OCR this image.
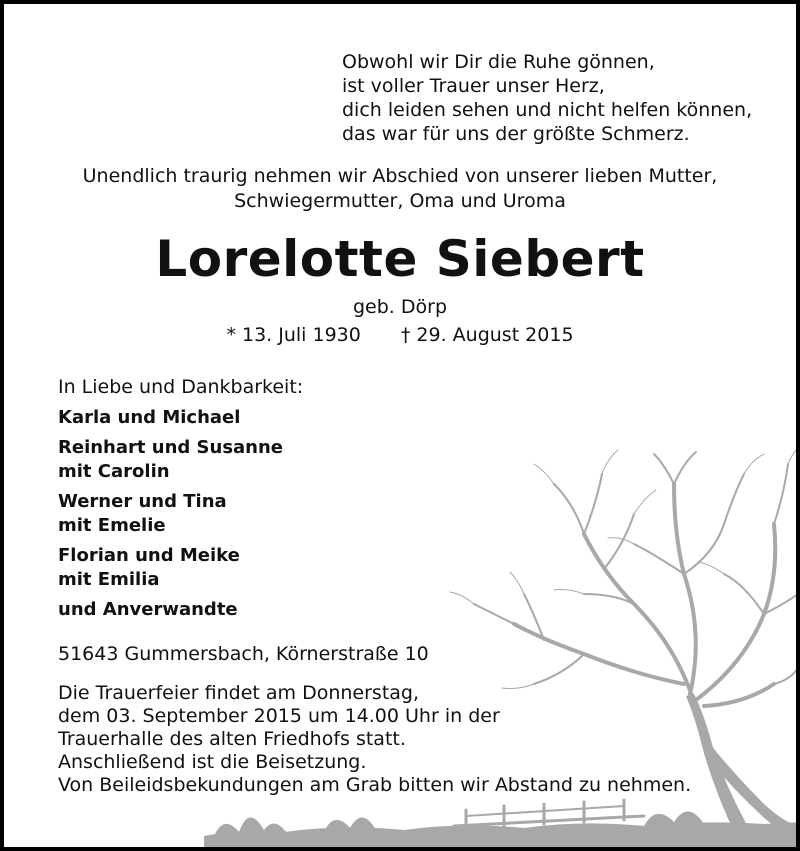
Obwohl wir Dir die Ruhe gönnen,
ist voller Trauer unser Herz,
dich leiden sehen und nicht helfen können,
das war für uns der größte Schmerz.
Unendlich traurig nehmen wir Abschied von unserer lieben Mutter,
Schwiegermutter, Oma und Uroma
Lorelotte Siebert
geb. Dörp
* 13. Juli 1930 † 29. August 2015
In Liebe und Dankbarkeit:
Karla und Michael
Reinhart und Susanne
mit Carolin
Werner und Tina
mit Emelie
Florian und Meike
mit Emilia
und Anverwandte
51643 Gummersbach, Körnerstraße 10
Die Trauerfeier findet am Donnerstag,
dem 03. September 2015 um 14.00 Uhr in der
Trauerhalle des alten Friedhofs statt.
Anschließend ist die Beisetzung.
Von Beileidsbekundungen am Grab bitten wir Abstand zu nehmen.
